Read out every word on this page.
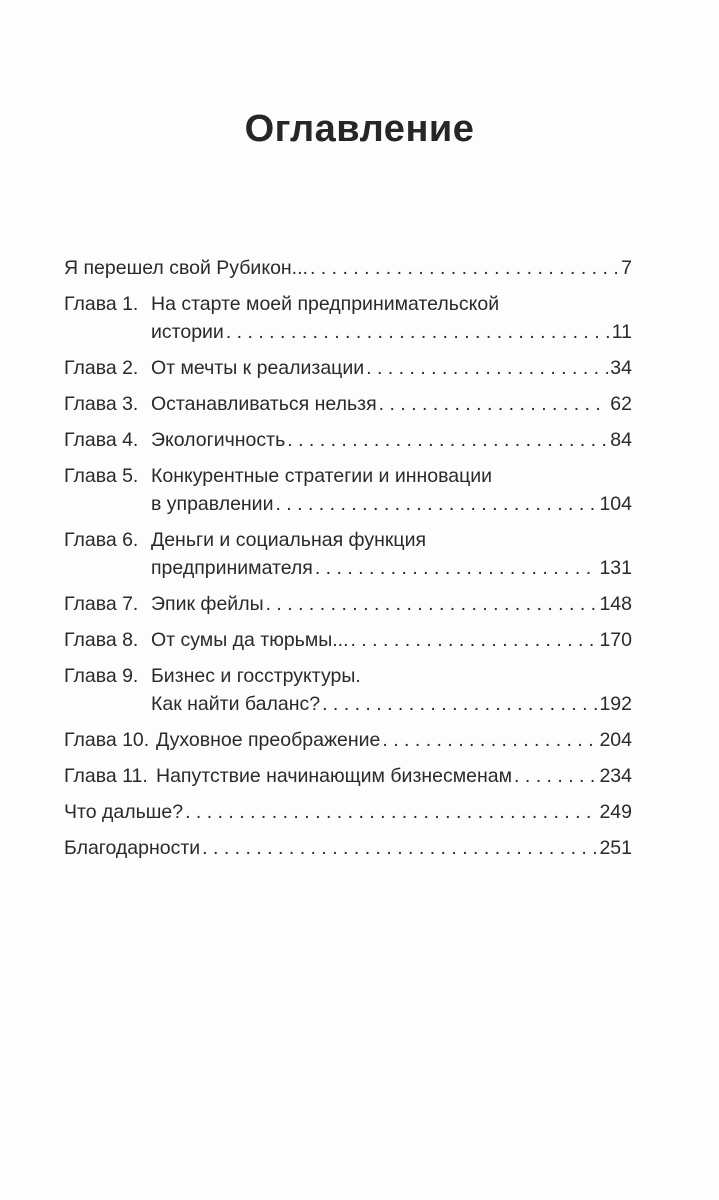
Оглавление
Я перешел свой Рубикон... . . .	7
Глава 1. На старте моей предпринимательской
истории . . .	11
Глава 2. От мечты к реализации . . .	34
Глава 3. Останавливаться нельзя . . .	62
Глава 4. Экологичность . . .	84
Глава 5. Конкурентные стратегии и инновации
в управлении . . .	104
Глава 6. Деньги и социальная функция
предпринимателя . . .	131
Глава 7. Эпик фейлы . . .	148
Глава 8. От сумы да тюрьмы... . . .	170
Глава 9. Бизнес и госструктуры.
Как найти баланс? . . .	192
Глава 10. Духовное преображение . . .	204
Глава 11. Напутствие начинающим бизнесменам . . .	234
Что дальше? . . .	249
Благодарности . . .	251
